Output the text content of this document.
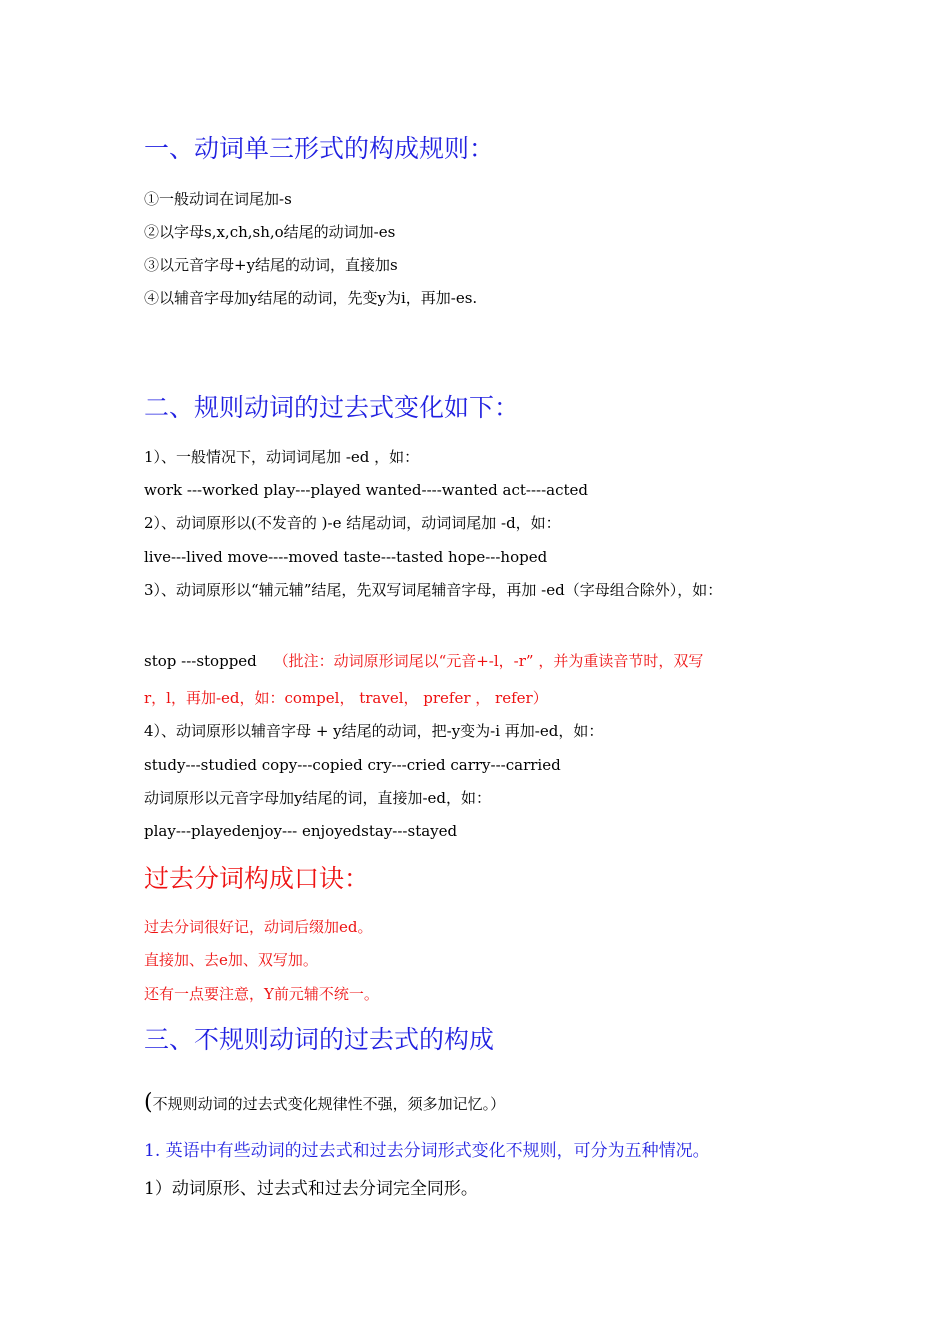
一、动词单三形式的构成规则：
①一般动词在词尾加-s
②以字母s,x,ch,sh,o结尾的动词加-es
③以元音字母+y结尾的动词，直接加s
④以辅音字母加y结尾的动词，先变y为i，再加-es.
二、规则动词的过去式变化如下：
1）、一般情况下，动词词尾加 -ed ，如：
work ---worked play---played wanted----wanted act----acted
2）、动词原形以(不发音的 )-e 结尾动词，动词词尾加 -d，如：
live---lived move----moved taste---tasted hope---hoped
3）、动词原形以“辅元辅”结尾，先双写词尾辅音字母，再加 -ed（字母组合除外），如：
stop ---stopped （批注：动词原形词尾以“元音+-l，-r” ，并为重读音节时，双写
r，l，再加-ed，如：compel， travel， prefer ， refer）
4）、动词原形以辅音字母 + y结尾的动词，把-y变为-i 再加-ed，如：
study---studied copy---copied cry---cried carry---carried
动词原形以元音字母加y结尾的词，直接加-ed，如：
play---playedenjoy--- enjoyedstay---stayed
过去分词构成口诀：
过去分词很好记，动词后缀加ed。
直接加、去e加、双写加。
还有一点要注意，Y前元辅不统一。
三、不规则动词的过去式的构成
(不规则动词的过去式变化规律性不强，须多加记忆。）
1. 英语中有些动词的过去式和过去分词形式变化不规则，可分为五种情况。
1）动词原形、过去式和过去分词完全同形。
